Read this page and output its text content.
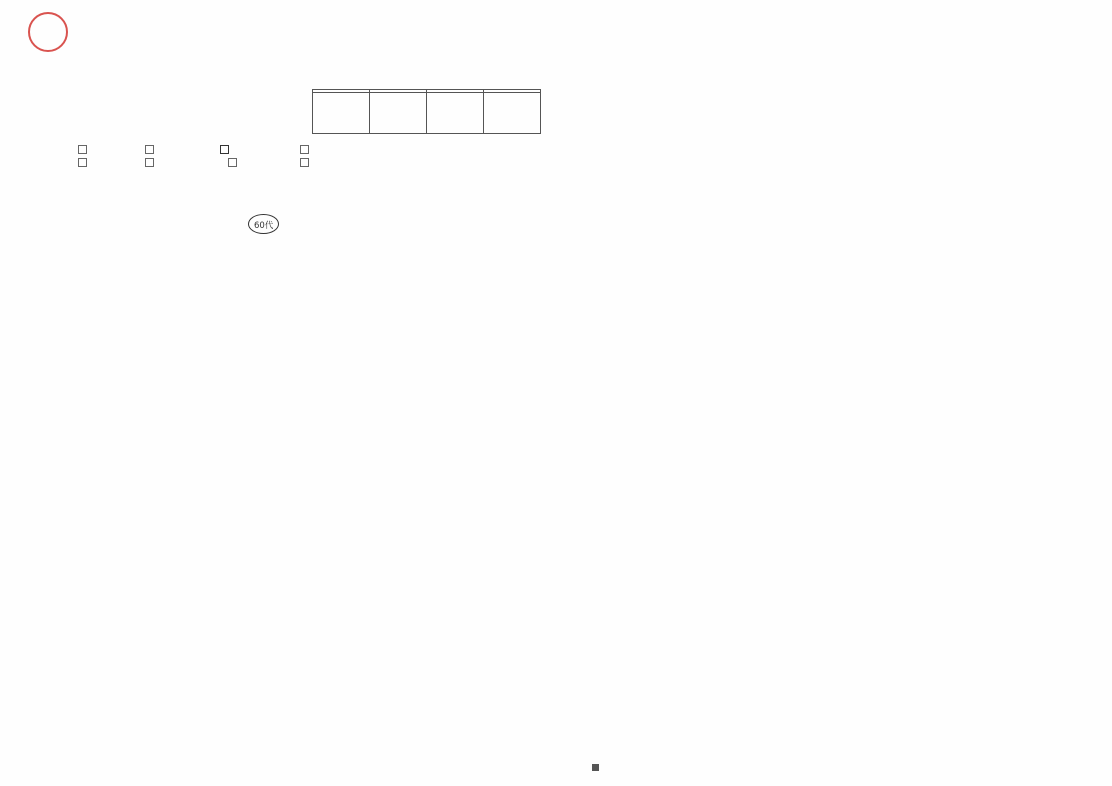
60代
